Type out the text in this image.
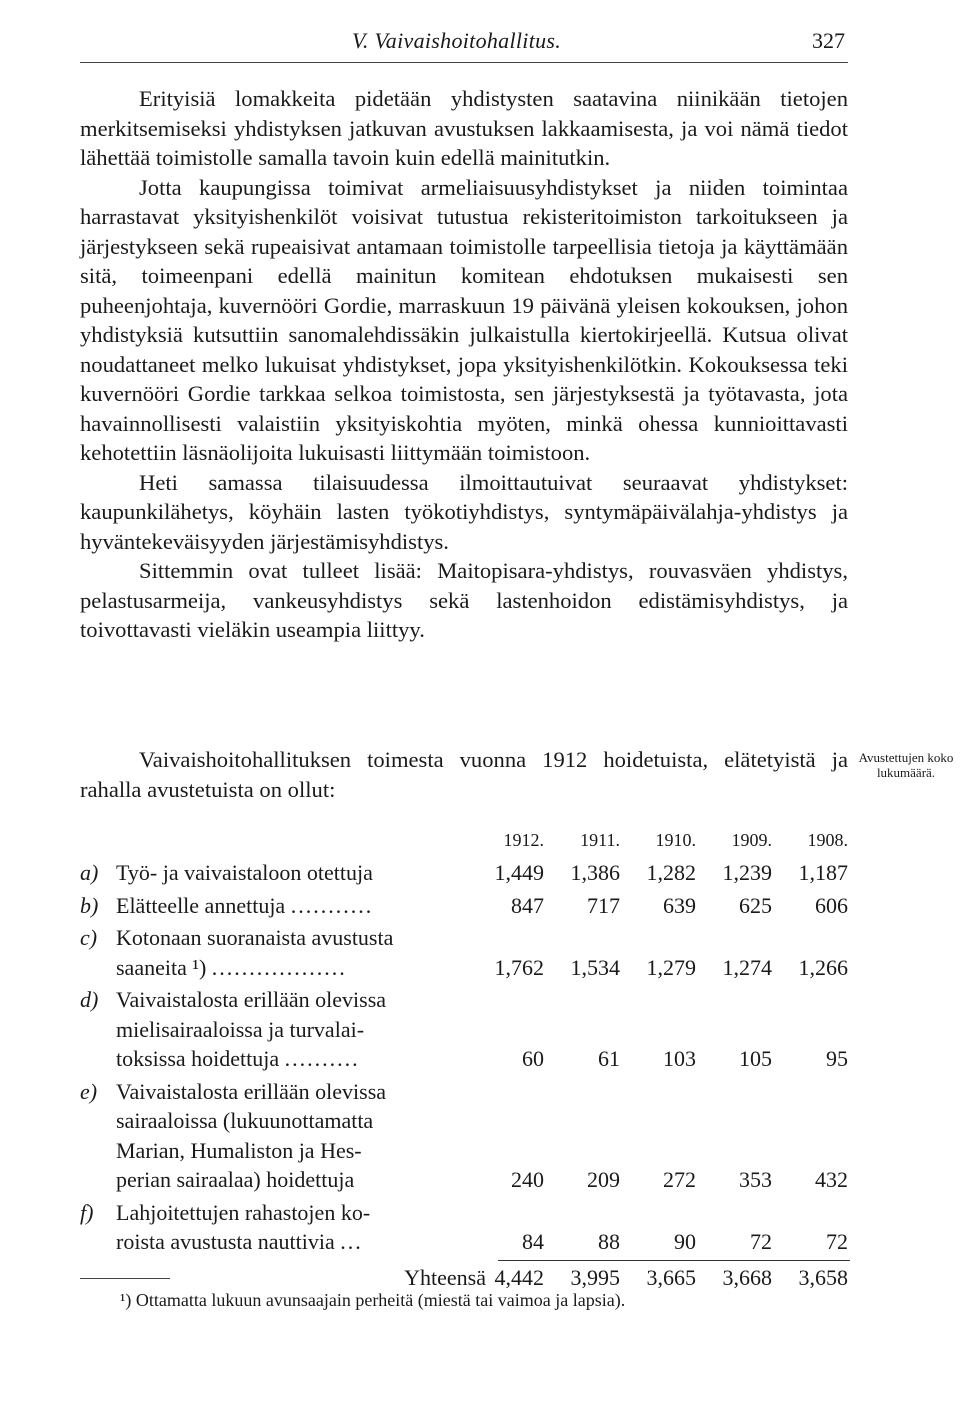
V. Vaivaishoitohallitus.	327

Erityisiä lomakkeita pidetään yhdistysten saatavina niinikään tietojen merkitsemiseksi yhdistyksen jatkuvan avustuksen lakkaamisesta, ja voi nämä tiedot lähettää toimistolle samalla tavoin kuin edellä mainitutkin.

Jotta kaupungissa toimivat armeliaisuusyhdistykset ja niiden toimintaa harrastavat yksityishenkilöt voisivat tutustua rekisteritoimiston tarkoitukseen ja järjestykseen sekä rupeaisivat antamaan toimistolle tarpeellisia tietoja ja käyttämään sitä, toimeenpani edellä mainitun komitean ehdotuksen mukaisesti sen puheenjohtaja, kuvernööri Gordie, marraskuun 19 päivänä yleisen kokouksen, johon yhdistyksiä kutsuttiin sanomalehdissäkin julkaistulla kiertokirjeellä. Kutsua olivat noudattaneet melko lukuisat yhdistykset, jopa yksityishenkilötkin. Kokouksessa teki kuvernööri Gordie tarkkaa selkoa toimistosta, sen järjestyksestä ja työtavasta, jota havainnollisesti valaistiin yksityiskohtia myöten, minkä ohessa kunnioittavasti kehotettiin läsnäolijoita lukuisasti liittymään toimistoon.

Heti samassa tilaisuudessa ilmoittautuivat seuraavat yhdistykset: kaupunkilähetys, köyhäin lasten työkotiyhdistys, syntymäpäivälahja-yhdistys ja hyväntekeväisyyden järjestämisyhdistys.

Sittemmin ovat tulleet lisää: Maitopisara-yhdistys, rouvasväen yhdistys, pelastusarmeija, vankeusyhdistys sekä lastenhoidon edistämisyhdistys, ja toivottavasti vieläkin useampia liittyy.

Vaivaishoitohallituksen toimesta vuonna 1912 hoidetuista, elätetyistä ja rahalla avustetuista on ollut:

Avustettujen koko lukumäärä.
1912.	1911.	1910.	1909.	1908.
a) Työ- ja vaivaistaloon otettuja	1,449	1,386	1,282	1,239	1,187
b) Elätteelle annettuja ...........	847	717	639	625	606
c) Kotonaan suoranaista avustusta
saaneita ¹) ..................	1,762	1,534	1,279	1,274	1,266
d) Vaivaistalosta erillään olevissa
mielisairaaloissa ja turvalai-
toksissa hoidettuja ..........	60	61	103	105	95
e) Vaivaistalosta erillään olevissa
sairaaloissa (lukuunottamatta
Marian, Humaliston ja Hes-
perian sairaalaa) hoidettuja	240	209	272	353	432
f) Lahjoitettujen rahastojen ko-
roista avustusta nauttivia ...	84	88	90	72	72
Yhteensä 4,442	3,995	3,665	3,668	3,658
¹) Ottamatta lukuun avunsaajain perheitä (miestä tai vaimoa ja lapsia).
